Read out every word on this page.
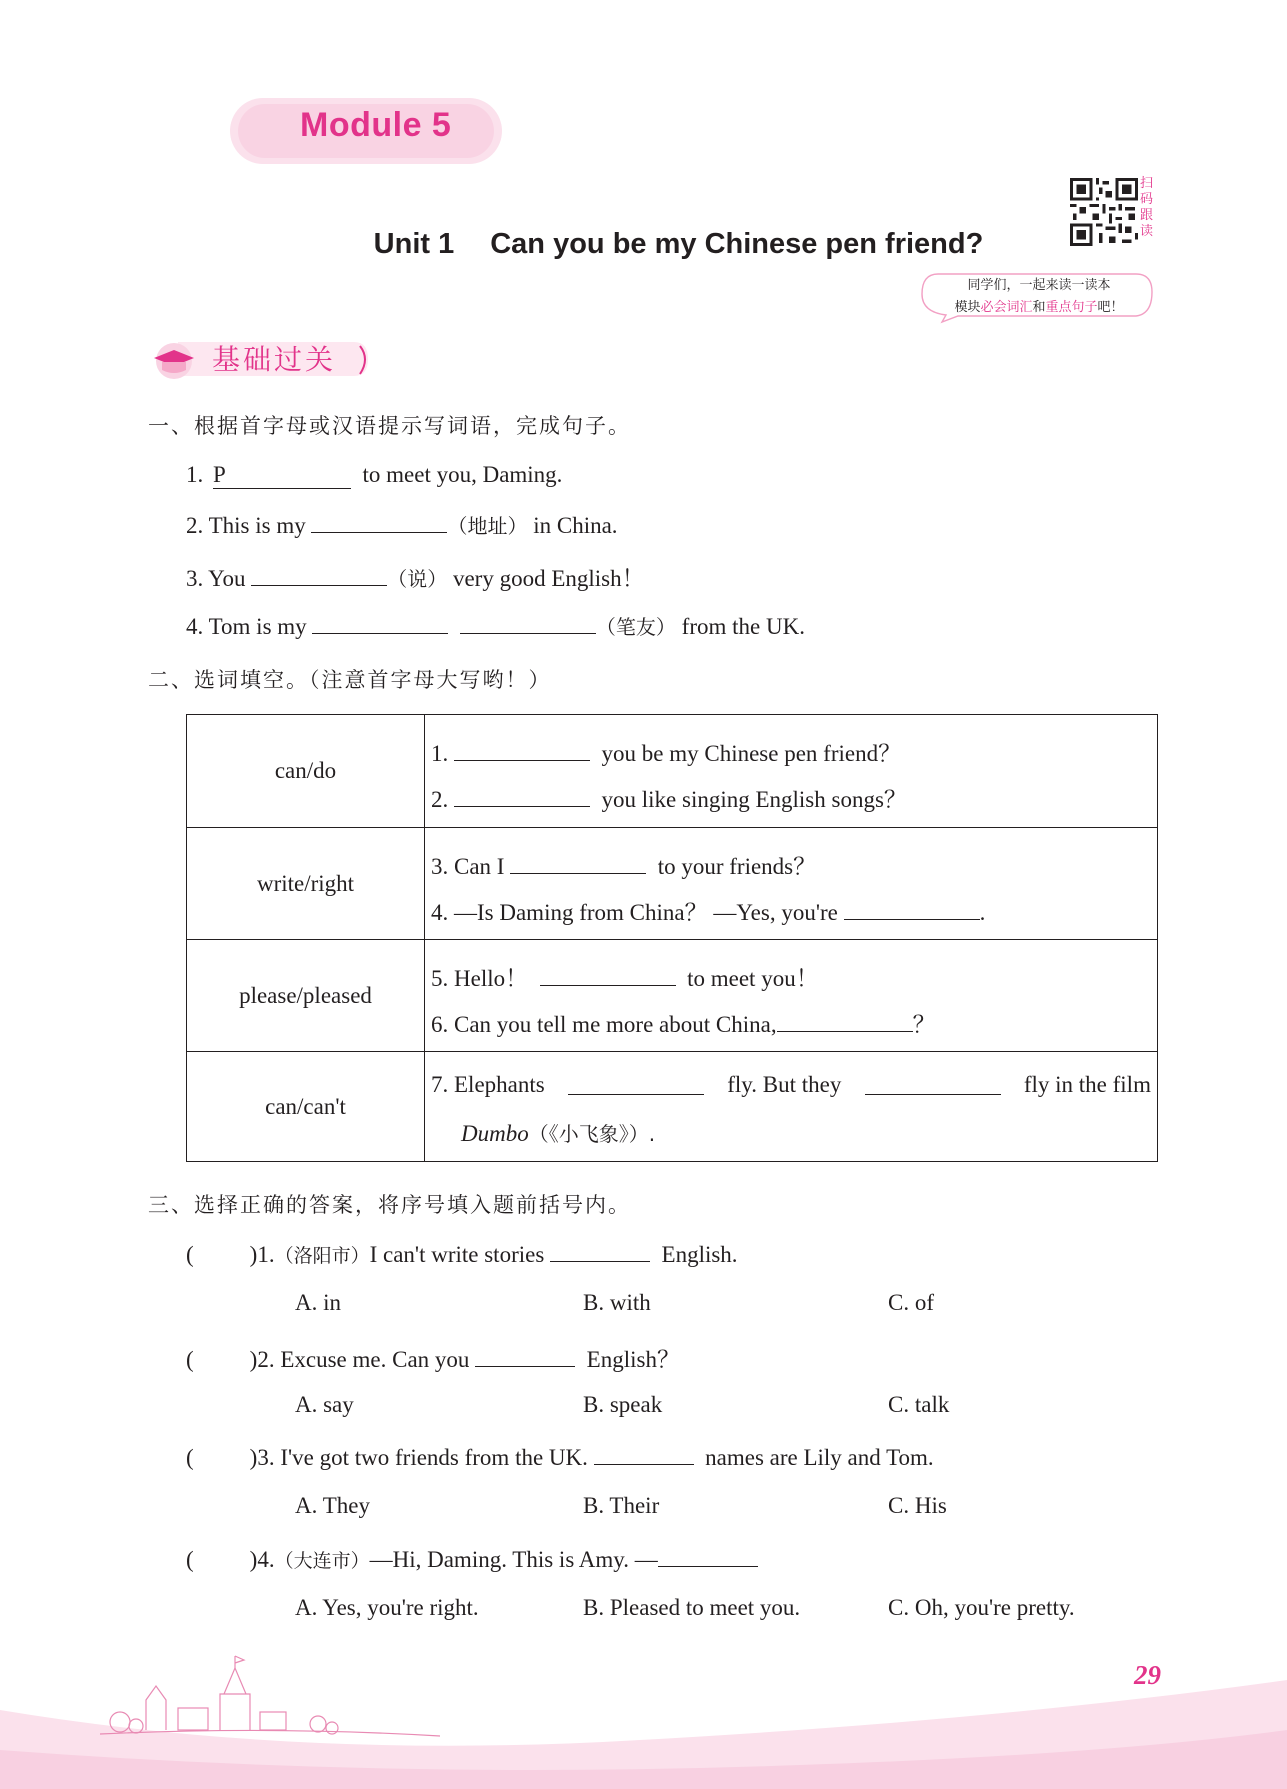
Module 5
Unit 1 Can you be my Chinese pen friend?
扫码跟读
同学们，一起来读一读本
模块必会词汇和重点句子吧！
基础过关
一、根据首字母或汉语提示写词语，完成句子。
1. P	to meet you, Daming.
2. This is my	（地址） in China.
3. You	（说） very good English！
4. Tom is my	（笔友） from the UK.
二、选词填空。（注意首字母大写哟！）
can/do
1.	you be my Chinese pen friend？
2.	you like singing English songs？
write/right
3. Can I	to your friends？
4. —Is Daming from China？ —Yes, you're	.
please/pleased
5. Hello！	to meet you！
6. Can you tell me more about China,	？
can/can't
7. Elephants	fly. But they	fly in the film
Dumbo（《小飞象》）.
三、选择正确的答案，将序号填入题前括号内。
( )1.（洛阳市）I can't write stories	English.
A. in	B. with	C. of
( )2. Excuse me. Can you	English？
A. say	B. speak	C. talk
( )3. I've got two friends from the UK.	names are Lily and Tom.
A. They	B. Their	C. His
( )4.（大连市）—Hi, Daming. This is Amy. —
A. Yes, you're right.	B. Pleased to meet you.	C. Oh, you're pretty.
29
